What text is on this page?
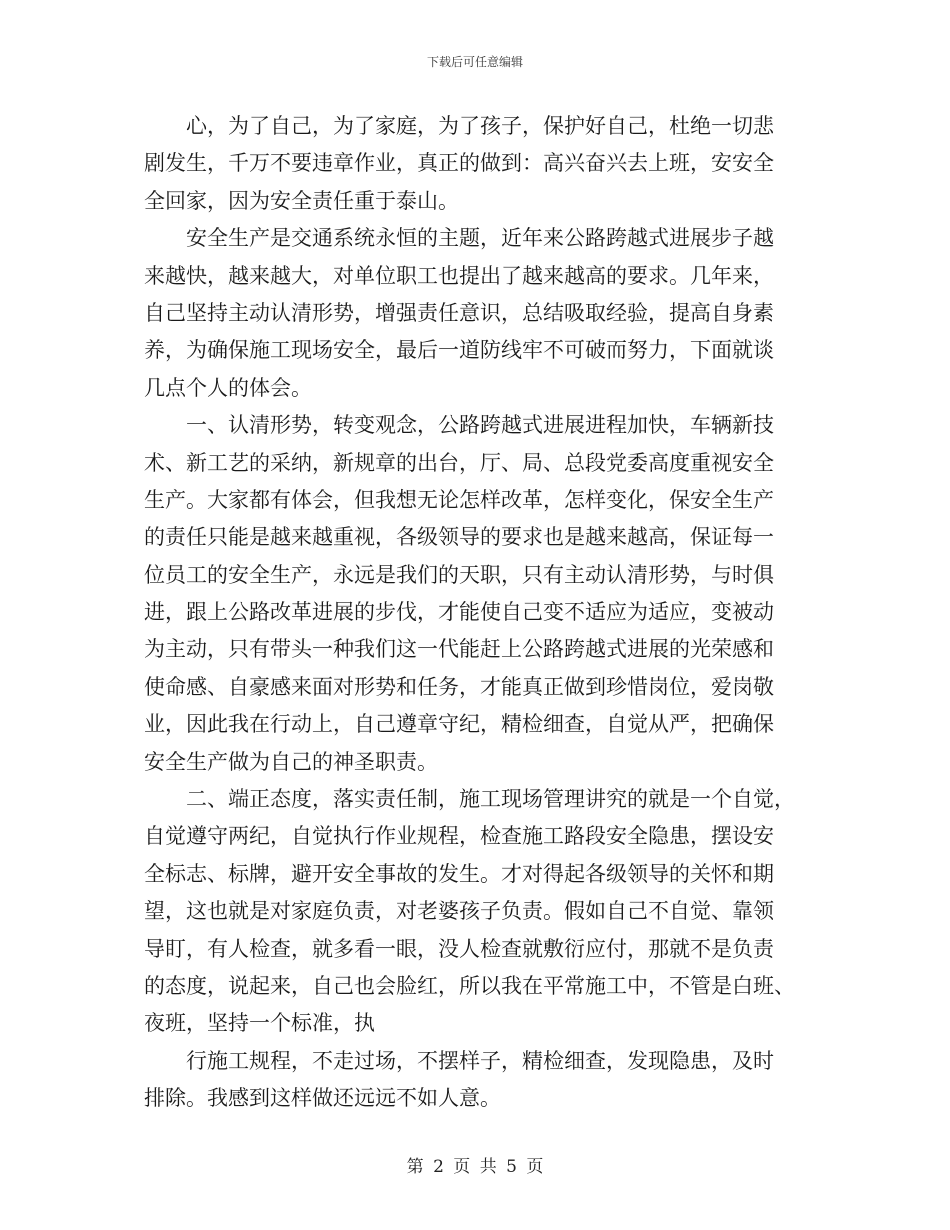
下载后可任意编辑

心，为了自己，为了家庭，为了孩子，保护好自己，杜绝一切悲
剧发生，千万不要违章作业，真正的做到：高兴奋兴去上班，安安全
全回家，因为安全责任重于泰山。

安全生产是交通系统永恒的主题，近年来公路跨越式进展步子越
来越快，越来越大，对单位职工也提出了越来越高的要求。几年来，
自己坚持主动认清形势，增强责任意识，总结吸取经验，提高自身素
养，为确保施工现场安全，最后一道防线牢不可破而努力，下面就谈
几点个人的体会。

一、认清形势，转变观念，公路跨越式进展进程加快，车辆新技
术、新工艺的采纳，新规章的出台，厅、局、总段党委高度重视安全
生产。大家都有体会，但我想无论怎样改革，怎样变化，保安全生产
的责任只能是越来越重视，各级领导的要求也是越来越高，保证每一
位员工的安全生产，永远是我们的天职，只有主动认清形势，与时俱
进，跟上公路改革进展的步伐，才能使自己变不适应为适应，变被动
为主动，只有带头一种我们这一代能赶上公路跨越式进展的光荣感和
使命感、自豪感来面对形势和任务，才能真正做到珍惜岗位，爱岗敬
业，因此我在行动上，自己遵章守纪，精检细查，自觉从严，把确保
安全生产做为自己的神圣职责。

二、端正态度，落实责任制，施工现场管理讲究的就是一个自觉，
自觉遵守两纪，自觉执行作业规程，检查施工路段安全隐患，摆设安
全标志、标牌，避开安全事故的发生。才对得起各级领导的关怀和期
望，这也就是对家庭负责，对老婆孩子负责。假如自己不自觉、靠领
导盯，有人检查，就多看一眼，没人检查就敷衍应付，那就不是负责
的态度，说起来，自己也会脸红，所以我在平常施工中，不管是白班、
夜班，坚持一个标准，执

行施工规程，不走过场，不摆样子，精检细查，发现隐患，及时
排除。我感到这样做还远远不如人意。

第 2 页 共 5 页
